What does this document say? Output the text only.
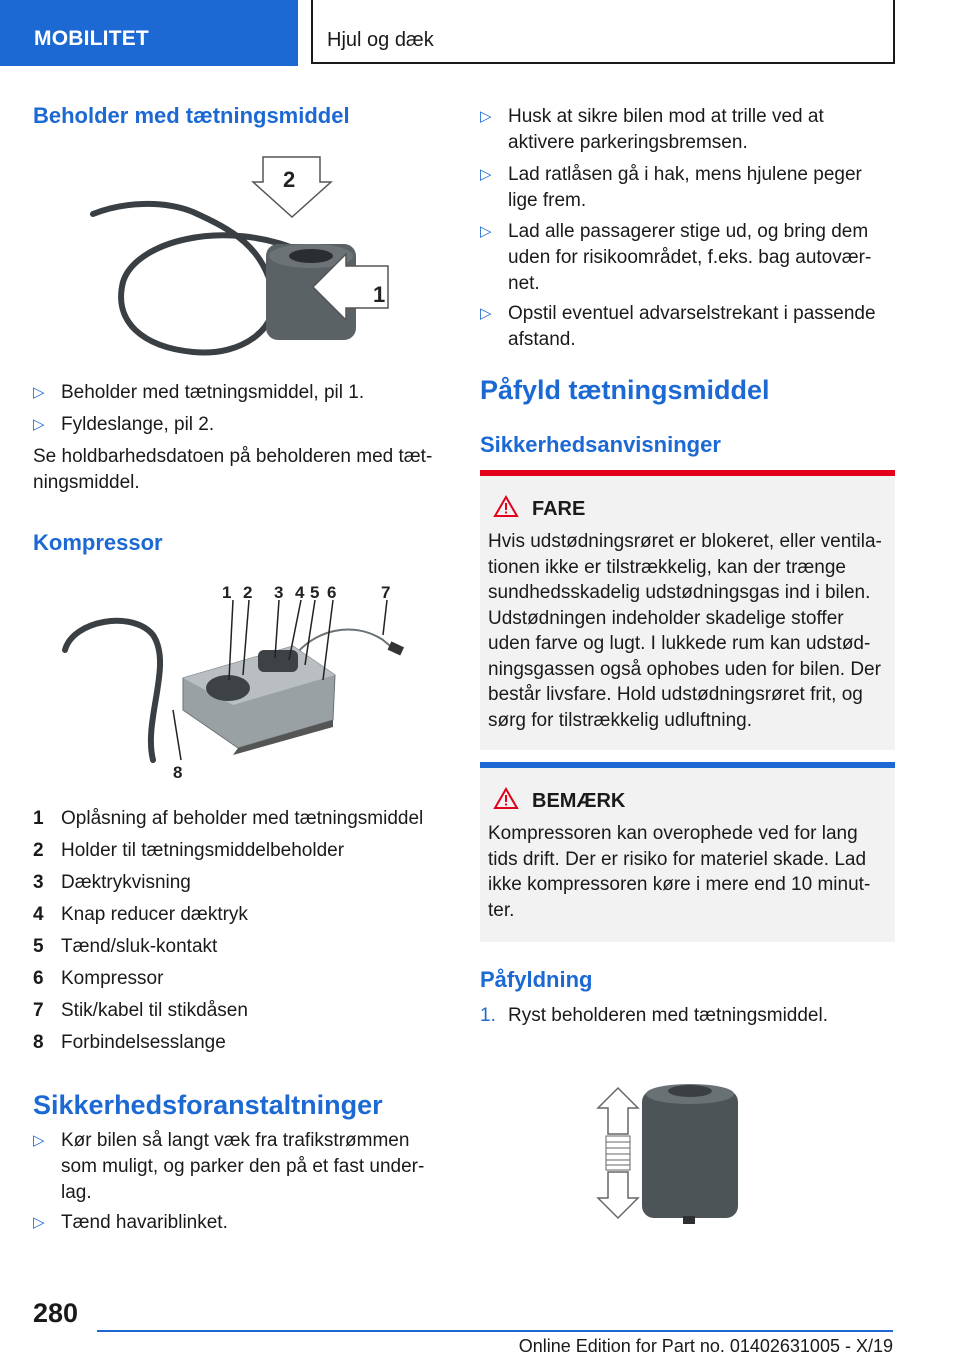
MOBILITET	Hjul og dæk
Beholder med tætningsmiddel
2
1
▷ Beholder med tætningsmiddel, pil 1.
▷ Fyldeslange, pil 2.
Se holdbarhedsdatoen på beholderen med tætningsmiddel.
Kompressor
1 2 3 4 5 6	7
8
1 Oplåsning af beholder med tætningsmiddel
2 Holder til tætningsmiddelbeholder
3 Dæktrykvisning
4 Knap reducer dæktryk
5 Tænd/sluk-kontakt
6 Kompressor
7 Stik/kabel til stikdåsen
8 Forbindelsesslange
Sikkerhedsforanstaltninger
▷ Kør bilen så langt væk fra trafikstrømmen som muligt, og parker den på et fast underlag.
▷ Tænd havariblinket.
▷ Husk at sikre bilen mod at trille ved at aktivere parkeringsbremsen.
▷ Lad ratlåsen gå i hak, mens hjulene peger lige frem.
▷ Lad alle passagerer stige ud, og bring dem uden for risikoområdet, f.eks. bag autoværnet.
▷ Opstil eventuel advarselstrekant i passende afstand.
Påfyld tætningsmiddel
Sikkerhedsanvisninger
FARE
Hvis udstødningsrøret er blokeret, eller ventilationen ikke er tilstrækkelig, kan der trænge sundhedsskadelig udstødningsgas ind i bilen. Udstødningen indeholder skadelige stoffer uden farve og lugt. I lukkede rum kan udstødningsgassen også ophobes uden for bilen. Der består livsfare. Hold udstødningsrøret frit, og sørg for tilstrækkelig udluftning.
BEMÆRK
Kompressoren kan overophede ved for lang tids drift. Der er risiko for materiel skade. Lad ikke kompressoren køre i mere end 10 minutter.
Påfyldning
1. Ryst beholderen med tætningsmiddel.
280
Online Edition for Part no. 01402631005 - X/19
